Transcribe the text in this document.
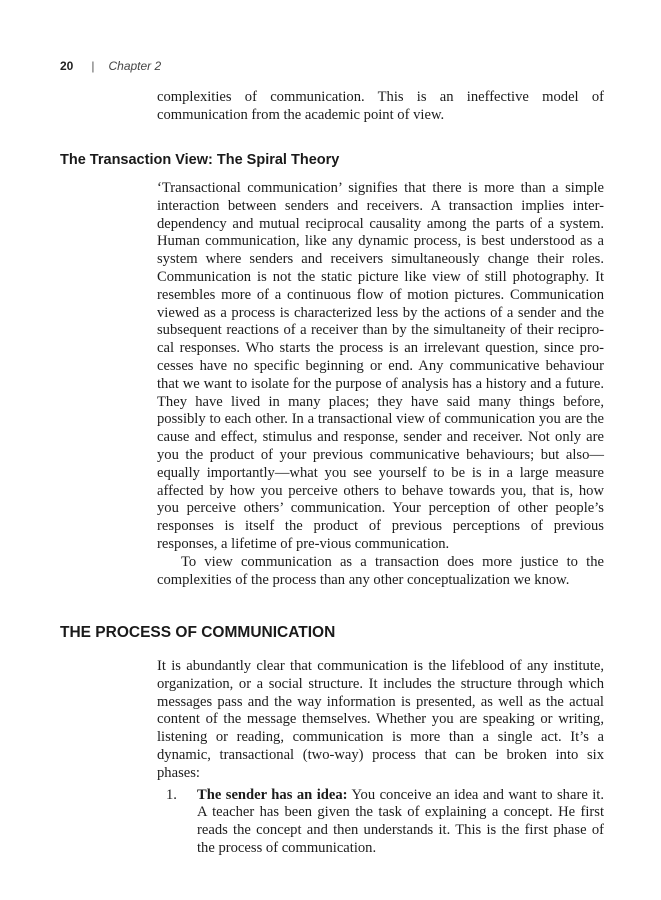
20 | Chapter 2

complexities of communication. This is an ineffective model of communication from the academic point of view.

The Transaction View: The Spiral Theory

‘Transactional communication’ signifies that there is more than a simple interaction between senders and receivers. A transaction implies inter-dependency and mutual reciprocal causality among the parts of a system. Human communication, like any dynamic process, is best understood as a system where senders and receivers simultaneously change their roles. Communication is not the static picture like view of still photography. It resembles more of a continuous flow of motion pictures. Communication viewed as a process is characterized less by the actions of a sender and the subsequent reactions of a receiver than by the simultaneity of their recipro-cal responses. Who starts the process is an irrelevant question, since pro-cesses have no specific beginning or end. Any communicative behaviour that we want to isolate for the purpose of analysis has a history and a future. They have lived in many places; they have said many things before, possibly to each other. In a transactional view of communication you are the cause and effect, stimulus and response, sender and receiver. Not only are you the product of your previous communicative behaviours; but also—equally importantly—what you see yourself to be is in a large measure affected by how you perceive others to behave towards you, that is, how you perceive others’ communication. Your perception of other people’s responses is itself the product of previous perceptions of previous responses, a lifetime of pre-vious communication.

To view communication as a transaction does more justice to the complexities of the process than any other conceptualization we know.

THE PROCESS OF COMMUNICATION

It is abundantly clear that communication is the lifeblood of any institute, organization, or a social structure. It includes the structure through which messages pass and the way information is presented, as well as the actual content of the message themselves. Whether you are speaking or writing, listening or reading, communication is more than a single act. It’s a dynamic, transactional (two-way) process that can be broken into six phases:

1. The sender has an idea: You conceive an idea and want to share it. A teacher has been given the task of explaining a concept. He first reads the concept and then understands it. This is the first phase of the process of communication.
